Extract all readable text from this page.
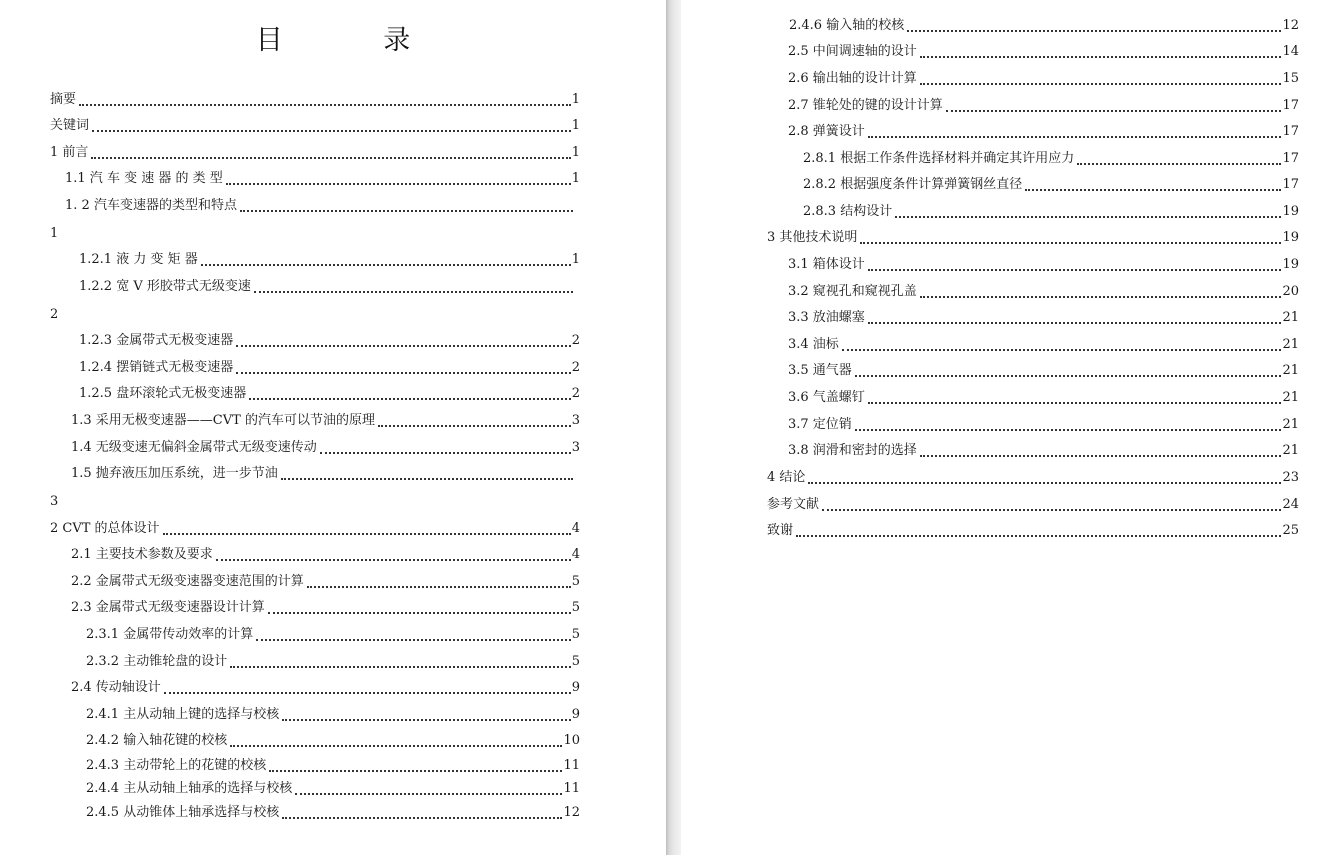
目 录
摘要	1
关键词	1
1 前言	1
1.1 汽 车 变 速 器 的 类 型	1
1. 2 汽车变速器的类型和特点
1
1.2.1 液 力 变 矩 器	1
1.2.2 宽 V 形胶带式无级变速
2
1.2.3 金属带式无极变速器	2
1.2.4 摆销链式无极变速器	2
1.2.5 盘环滚轮式无极变速器	2
1.3 采用无极变速器——CVT 的汽车可以节油的原理	3
1.4 无级变速无偏斜金属带式无级变速传动	3
1.5 抛弃液压加压系统，进一步节油
3
2 CVT 的总体设计	4
2.1 主要技术参数及要求	4
2.2 金属带式无级变速器变速范围的计算	5
2.3 金属带式无级变速器设计计算	5
2.3.1 金属带传动效率的计算	5
2.3.2 主动锥轮盘的设计	5
2.4 传动轴设计	9
2.4.1 主从动轴上键的选择与校核	9
2.4.2 输入轴花键的校核	10
2.4.3 主动带轮上的花键的校核	11
2.4.4 主从动轴上轴承的选择与校核	11
2.4.5 从动锥体上轴承选择与校核	12
2.4.6 输入轴的校核	12
2.5 中间调速轴的设计	14
2.6 输出轴的设计计算	15
2.7 锥轮处的键的设计计算	17
2.8 弹簧设计	17
2.8.1 根据工作条件选择材料并确定其许用应力	17
2.8.2 根据强度条件计算弹簧钢丝直径	17
2.8.3 结构设计	19
3 其他技术说明	19
3.1 箱体设计	19
3.2 窥视孔和窥视孔盖	20
3.3 放油螺塞	21
3.4 油标	21
3.5 通气器	21
3.6 气盖螺钉	21
3.7 定位销	21
3.8 润滑和密封的选择	21
4 结论	23
参考文献	24
致谢	25
